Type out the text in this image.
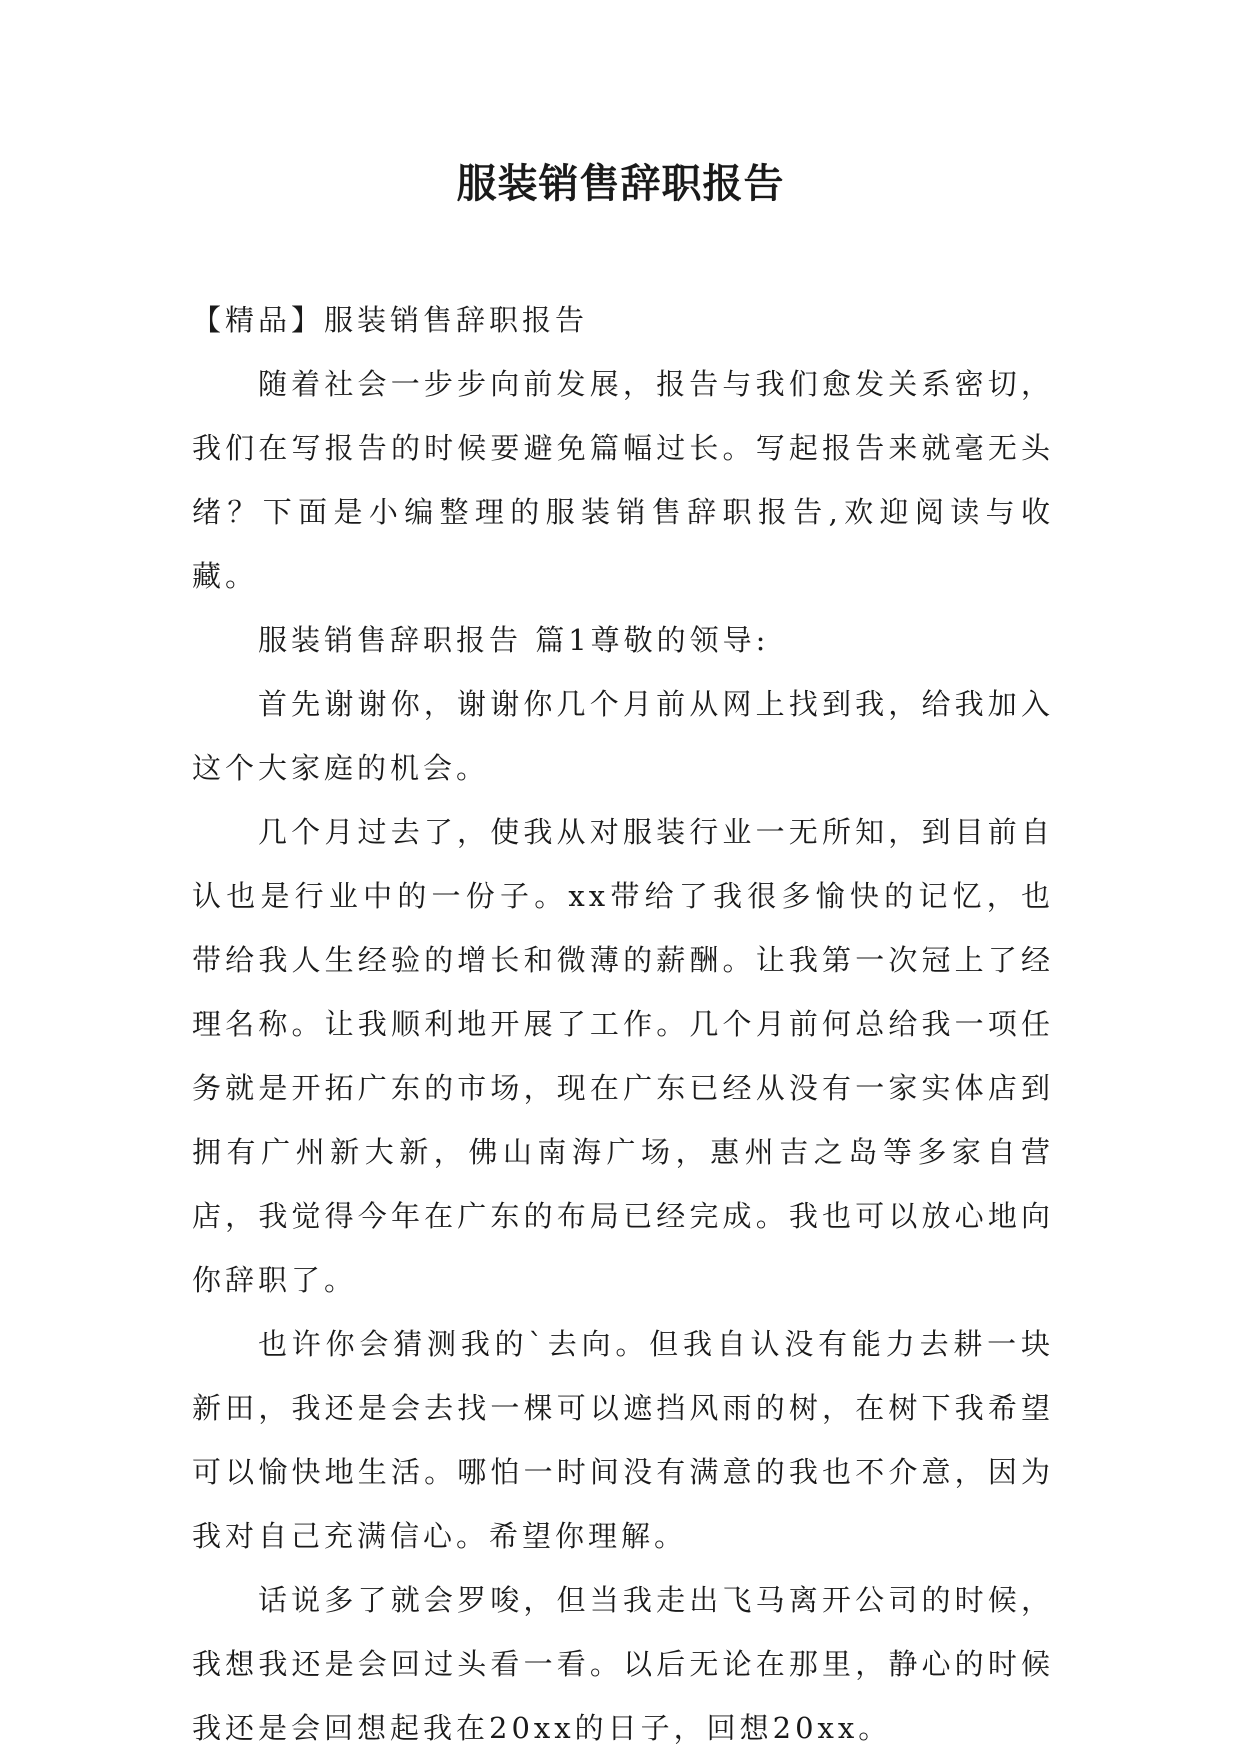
服装销售辞职报告

【精品】服装销售辞职报告

随着社会一步步向前发展，报告与我们愈发关系密切，我们在写报告的时候要避免篇幅过长。写起报告来就毫无头绪？下面是小编整理的服装销售辞职报告,欢迎阅读与收藏。

服装销售辞职报告 篇1尊敬的领导:

首先谢谢你，谢谢你几个月前从网上找到我，给我加入这个大家庭的机会。

几个月过去了，使我从对服装行业一无所知，到目前自认也是行业中的一份子。xx带给了我很多愉快的记忆，也带给我人生经验的增长和微薄的薪酬。让我第一次冠上了经理名称。让我顺利地开展了工作。几个月前何总给我一项任务就是开拓广东的市场，现在广东已经从没有一家实体店到拥有广州新大新，佛山南海广场，惠州吉之岛等多家自营店，我觉得今年在广东的布局已经完成。我也可以放心地向你辞职了。

也许你会猜测我的`去向。但我自认没有能力去耕一块新田，我还是会去找一棵可以遮挡风雨的树，在树下我希望可以愉快地生活。哪怕一时间没有满意的我也不介意，因为我对自己充满信心。希望你理解。

话说多了就会罗唆，但当我走出飞马离开公司的时候，我想我还是会回过头看一看。以后无论在那里，静心的时候我还是会回想起我在20xx的日子，回想20xx。
